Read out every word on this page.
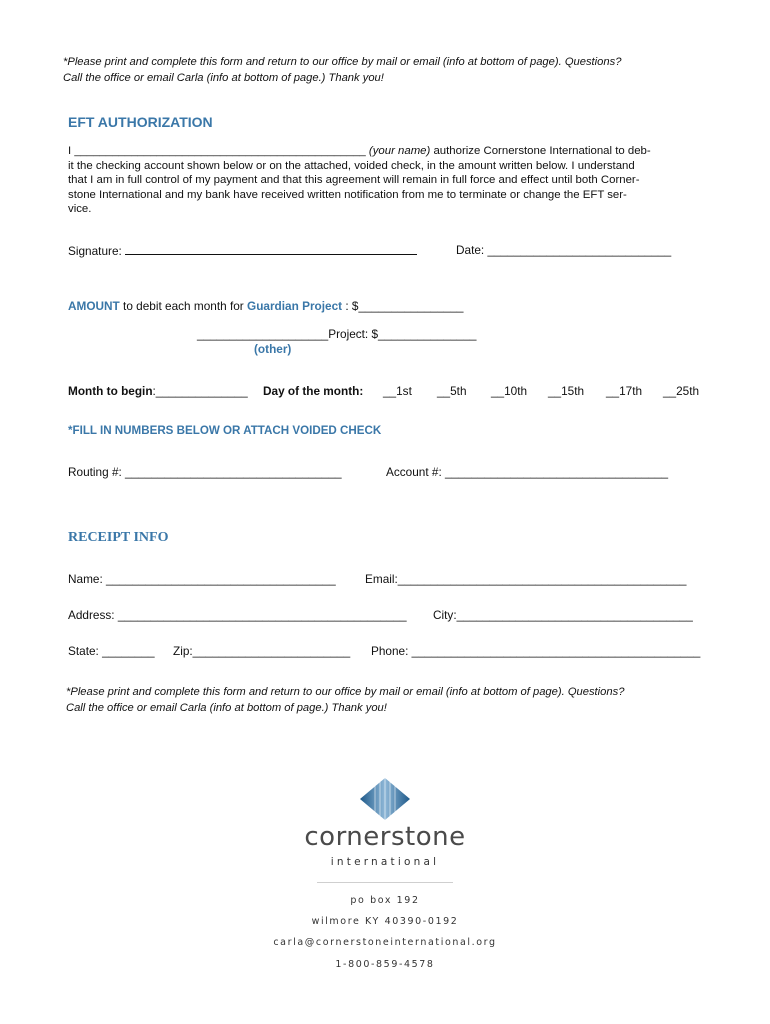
*Please print and complete this form and return to our office by mail or email (info at bottom of page). Questions?
Call the office or email Carla (info at bottom of page.) Thank you!
EFT AUTHORIZATION
I ______________________________________________ (your name) authorize Cornerstone International to deb-
it the checking account shown below or on the attached, voided check, in the amount written below. I understand
that I am in full control of my payment and that this agreement will remain in full force and effect until both Corner-
stone International and my bank have received written notification from me to terminate or change the EFT ser-
vice.
Signature:	Date: ____________________________
AMOUNT to debit each month for Guardian Project : $________________
____________________Project: $_______________
(other)
Month to begin:______________ Day of the month: __1st __5th __10th __15th __17th __25th
*FILL IN NUMBERS BELOW OR ATTACH VOIDED CHECK
Routing #: _________________________________	Account #: __________________________________
RECEIPT INFO
Name: ___________________________________ Email:____________________________________________
Address: ____________________________________________ City:____________________________________
State: ________ Zip:________________________ Phone: ____________________________________________
*Please print and complete this form and return to our office by mail or email (info at bottom of page). Questions?
Call the office or email Carla (info at bottom of page.) Thank you!
cornerstone
international
po box 192
wilmore KY 40390-0192
carla@cornerstoneinternational.org
1-800-859-4578
